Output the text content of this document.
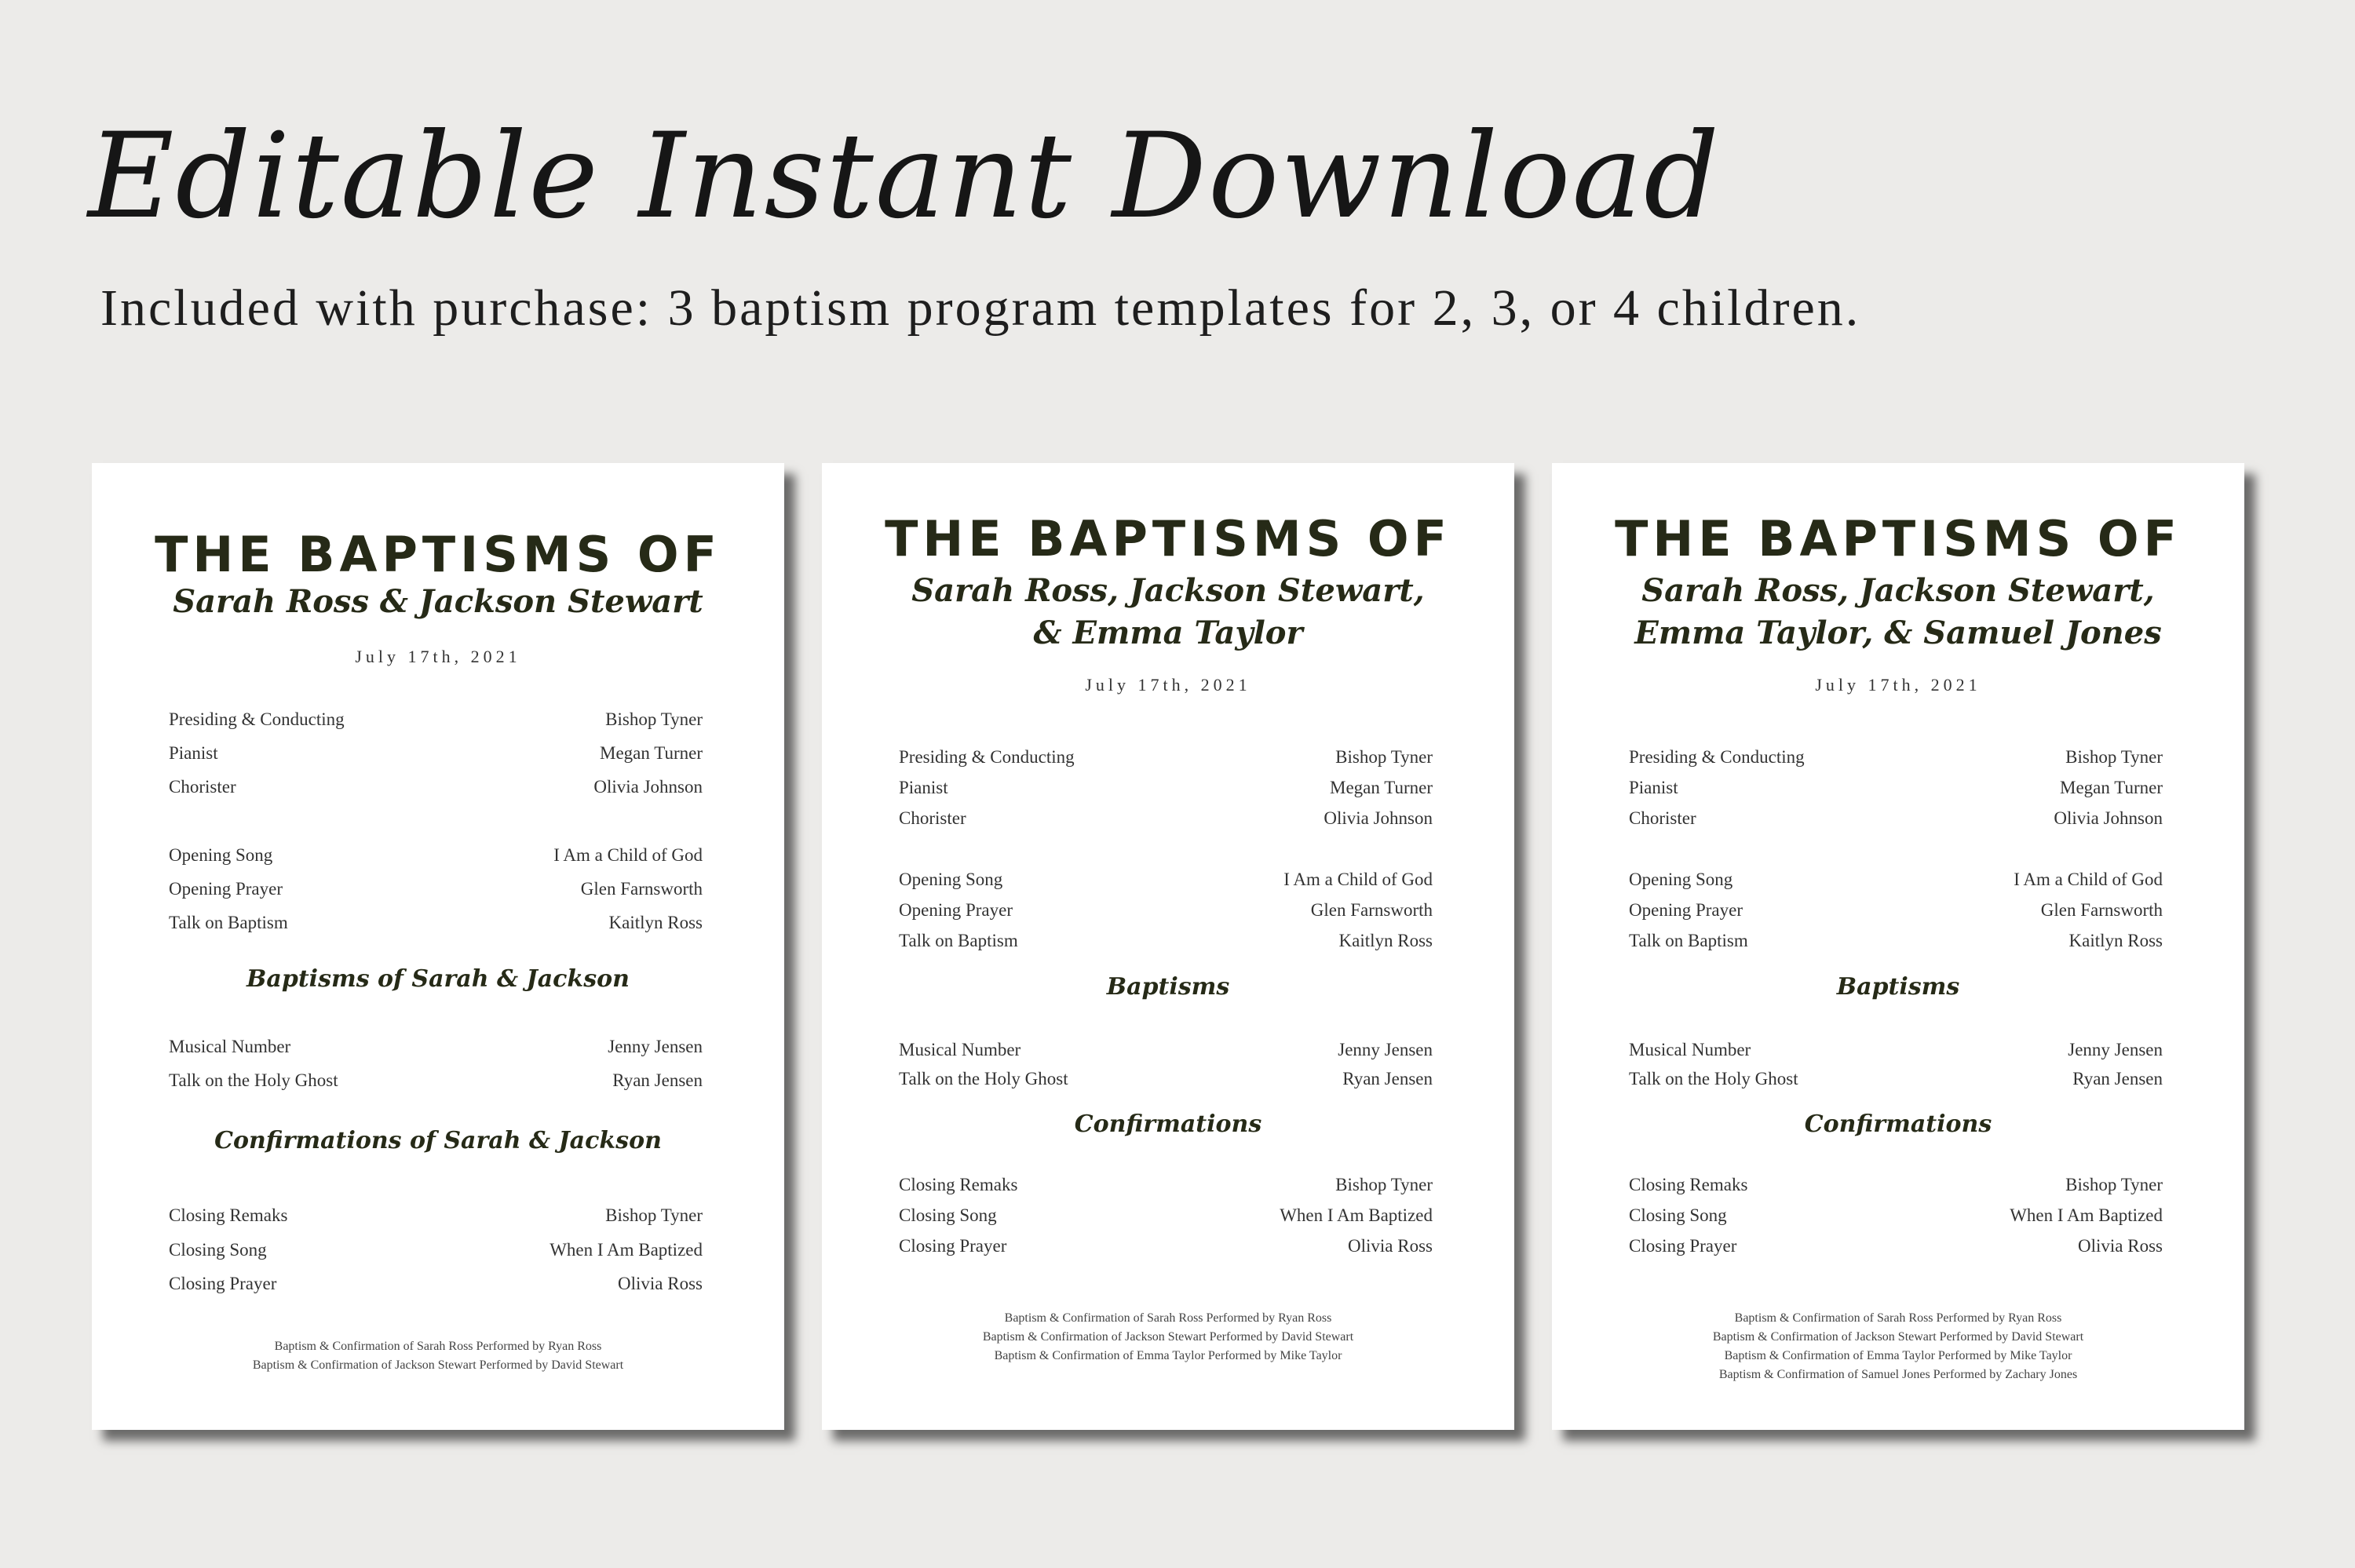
Editable Instant Download
Included with purchase: 3 baptism program templates for 2, 3, or 4 children.
THE BAPTISMS OF
Sarah Ross & Jackson Stewart
July 17th, 2021
Presiding & Conducting	Bishop Tyner
Pianist	Megan Turner
Chorister	Olivia Johnson
Opening Song	I Am a Child of God
Opening Prayer	Glen Farnsworth
Talk on Baptism	Kaitlyn Ross
Baptisms of Sarah & Jackson
Musical Number	Jenny Jensen
Talk on the Holy Ghost	Ryan Jensen
Confirmations of Sarah & Jackson
Closing Remaks	Bishop Tyner
Closing Song	When I Am Baptized
Closing Prayer	Olivia Ross
Baptism & Confirmation of Sarah Ross Performed by Ryan Ross
Baptism & Confirmation of Jackson Stewart Performed by David Stewart
THE BAPTISMS OF
Sarah Ross, Jackson Stewart,
& Emma Taylor
July 17th, 2021
Presiding & Conducting	Bishop Tyner
Pianist	Megan Turner
Chorister	Olivia Johnson
Opening Song	I Am a Child of God
Opening Prayer	Glen Farnsworth
Talk on Baptism	Kaitlyn Ross
Baptisms
Musical Number	Jenny Jensen
Talk on the Holy Ghost	Ryan Jensen
Confirmations
Closing Remaks	Bishop Tyner
Closing Song	When I Am Baptized
Closing Prayer	Olivia Ross
Baptism & Confirmation of Sarah Ross Performed by Ryan Ross
Baptism & Confirmation of Jackson Stewart Performed by David Stewart
Baptism & Confirmation of Emma Taylor Performed by Mike Taylor
THE BAPTISMS OF
Sarah Ross, Jackson Stewart,
Emma Taylor, & Samuel Jones
July 17th, 2021
Presiding & Conducting	Bishop Tyner
Pianist	Megan Turner
Chorister	Olivia Johnson
Opening Song	I Am a Child of God
Opening Prayer	Glen Farnsworth
Talk on Baptism	Kaitlyn Ross
Baptisms
Musical Number	Jenny Jensen
Talk on the Holy Ghost	Ryan Jensen
Confirmations
Closing Remaks	Bishop Tyner
Closing Song	When I Am Baptized
Closing Prayer	Olivia Ross
Baptism & Confirmation of Sarah Ross Performed by Ryan Ross
Baptism & Confirmation of Jackson Stewart Performed by David Stewart
Baptism & Confirmation of Emma Taylor Performed by Mike Taylor
Baptism & Confirmation of Samuel Jones Performed by Zachary Jones
